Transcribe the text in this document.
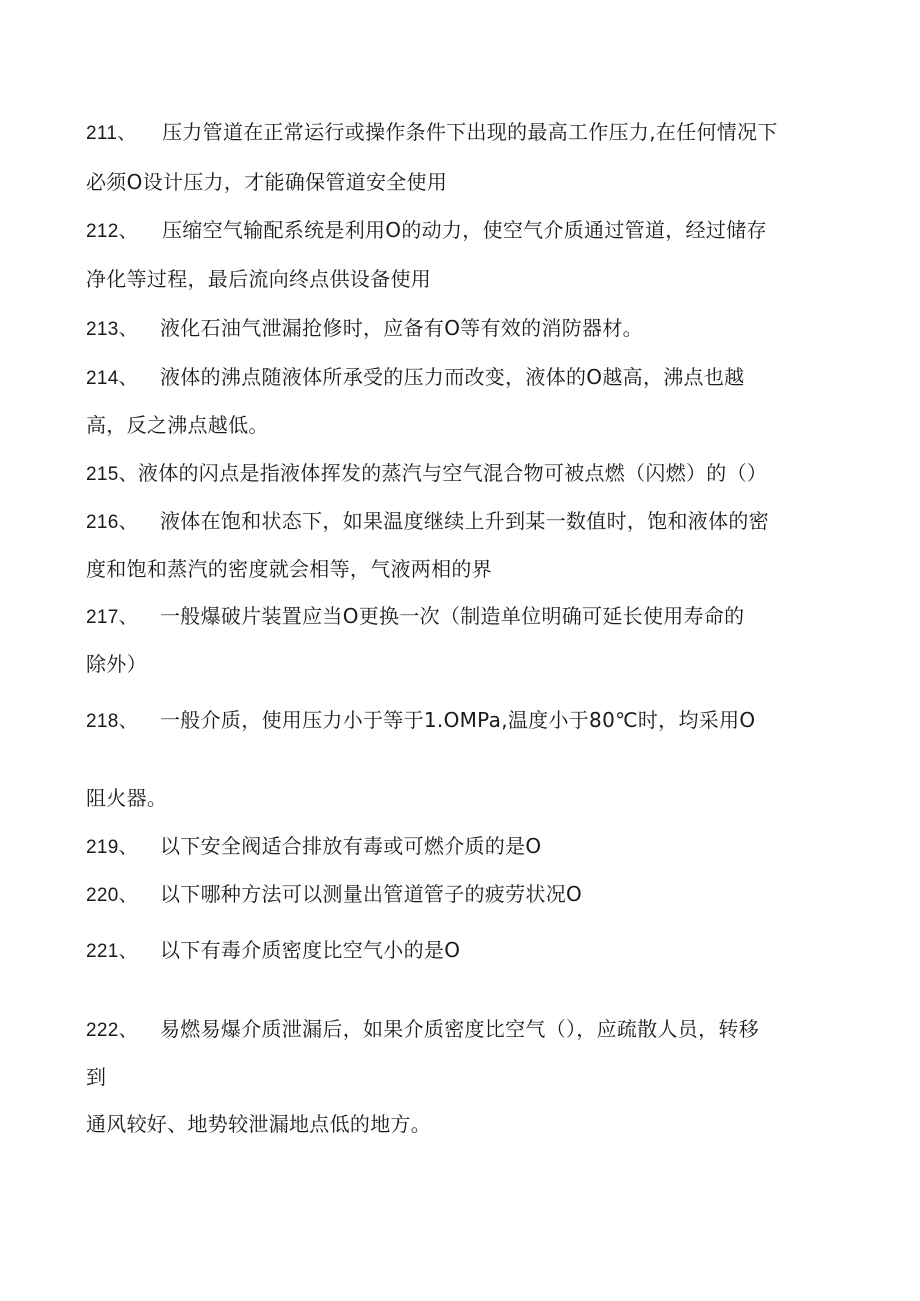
211、 压力管道在正常运行或操作条件下出现的最高工作压力,在任何情况下
必须O设计压力，才能确保管道安全使用
212、 压缩空气输配系统是利用O的动力，使空气介质通过管道，经过储存
净化等过程，最后流向终点供设备使用
213、 液化石油气泄漏抢修时，应备有O等有效的消防器材。
214、 液体的沸点随液体所承受的压力而改变，液体的O越高，沸点也越
高，反之沸点越低。
215、液体的闪点是指液体挥发的蒸汽与空气混合物可被点燃（闪燃）的（）
216、 液体在饱和状态下，如果温度继续上升到某一数值时，饱和液体的密
度和饱和蒸汽的密度就会相等，气液两相的界
217、 一般爆破片装置应当O更换一次（制造单位明确可延长使用寿命的
除外）
218、 一般介质，使用压力小于等于1.OMPa,温度小于80℃时，均采用O
阻火器。
219、 以下安全阀适合排放有毒或可燃介质的是O
220、 以下哪种方法可以测量出管道管子的疲劳状况O
221、 以下有毒介质密度比空气小的是O
222、 易燃易爆介质泄漏后，如果介质密度比空气（），应疏散人员，转移
到
通风较好、地势较泄漏地点低的地方。
